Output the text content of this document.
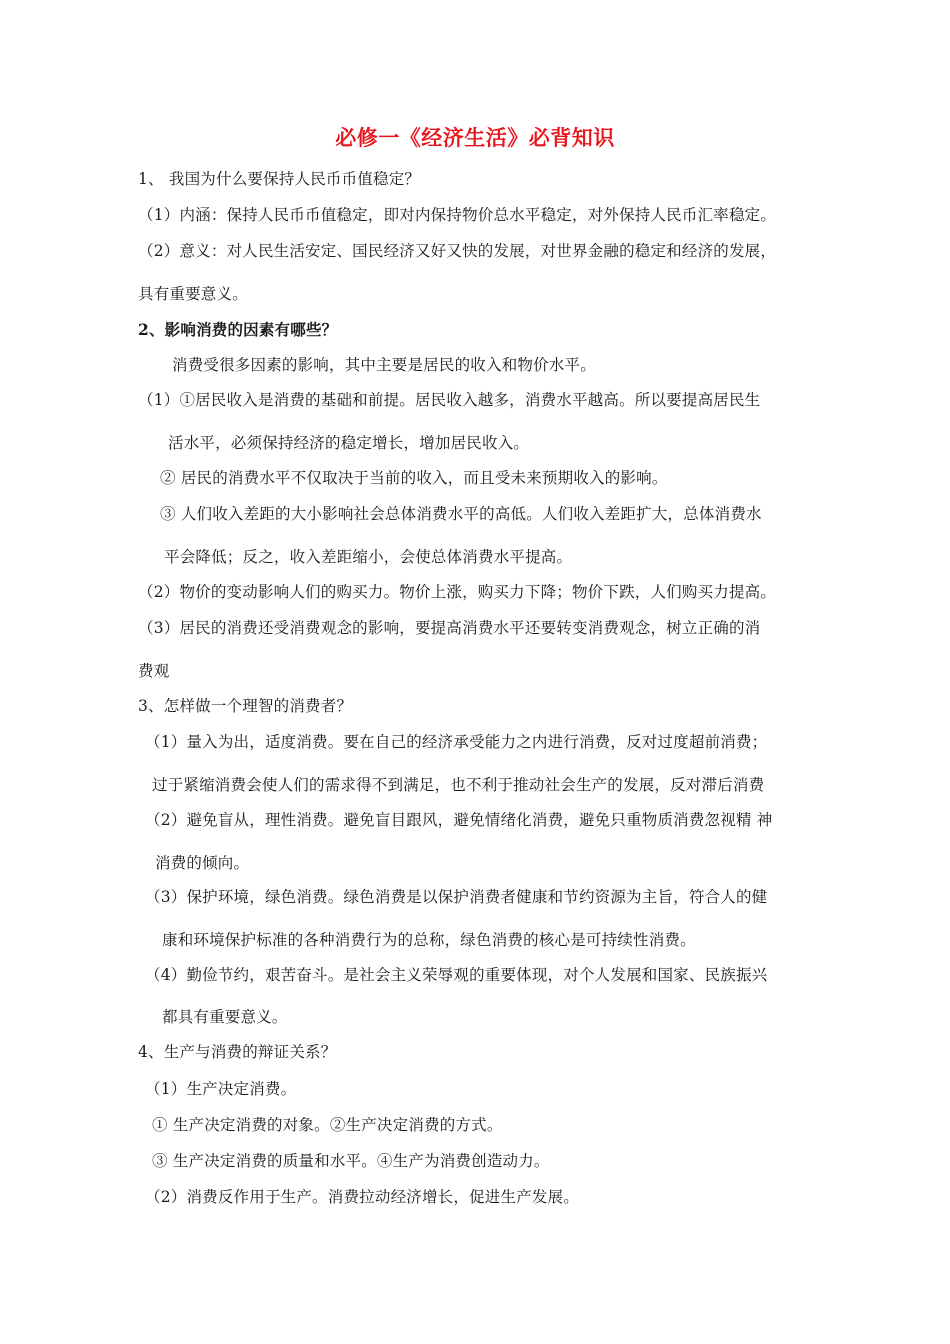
必修一《经济生活》必背知识
1、 我国为什么要保持人民币币值稳定？
（1）内涵：保持人民币币值稳定，即对内保持物价总水平稳定，对外保持人民币汇率稳定。
（2）意义：对人民生活安定、国民经济又好又快的发展，对世界金融的稳定和经济的发展，
具有重要意义。
2、影响消费的因素有哪些？
消费受很多因素的影响，其中主要是居民的收入和物价水平。
（1）①居民收入是消费的基础和前提。居民收入越多，消费水平越高。所以要提高居民生
活水平，必须保持经济的稳定增长，增加居民收入。
② 居民的消费水平不仅取决于当前的收入，而且受未来预期收入的影响。
③ 人们收入差距的大小影响社会总体消费水平的高低。人们收入差距扩大，总体消费水
平会降低；反之，收入差距缩小，会使总体消费水平提高。
（2）物价的变动影响人们的购买力。物价上涨，购买力下降；物价下跌，人们购买力提高。
（3）居民的消费还受消费观念的影响，要提高消费水平还要转变消费观念，树立正确的消
费观
3、怎样做一个理智的消费者？
（1）量入为出，适度消费。要在自己的经济承受能力之内进行消费，反对过度超前消费；
过于紧缩消费会使人们的需求得不到满足，也不利于推动社会生产的发展，反对滞后消费
（2）避免盲从，理性消费。避免盲目跟风，避免情绪化消费，避免只重物质消费忽视精 神
消费的倾向。
（3）保护环境，绿色消费。绿色消费是以保护消费者健康和节约资源为主旨，符合人的健
康和环境保护标准的各种消费行为的总称，绿色消费的核心是可持续性消费。
（4）勤俭节约，艰苦奋斗。是社会主义荣辱观的重要体现，对个人发展和国家、民族振兴
都具有重要意义。
4、生产与消费的辩证关系？
（1）生产决定消费。
① 生产决定消费的对象。②生产决定消费的方式。
③ 生产决定消费的质量和水平。④生产为消费创造动力。
（2）消费反作用于生产。消费拉动经济增长，促进生产发展。
